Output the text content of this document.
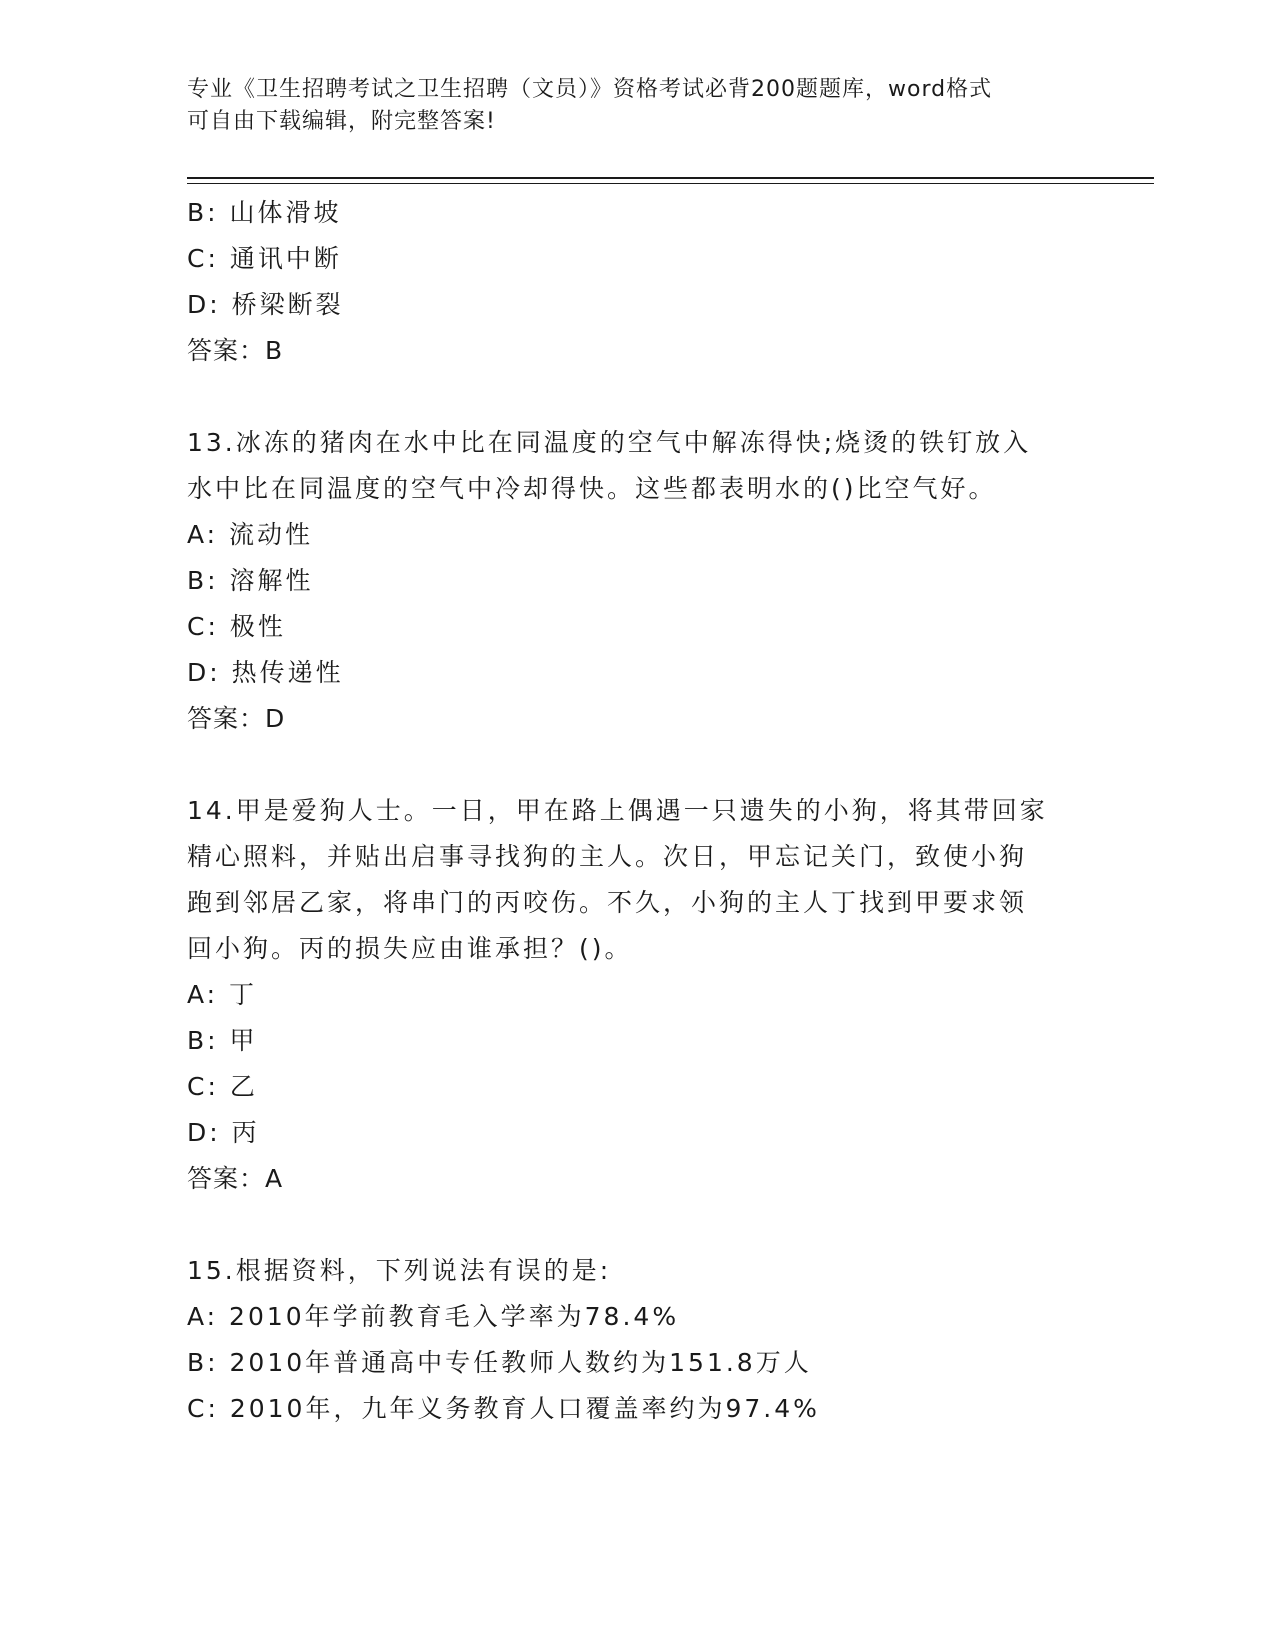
专业《卫生招聘考试之卫生招聘（文员）》资格考试必背200题题库，word格式
可自由下载编辑，附完整答案!
B: 山体滑坡
C: 通讯中断
D: 桥梁断裂
答案：B
13.冰冻的猪肉在水中比在同温度的空气中解冻得快;烧烫的铁钉放入
水中比在同温度的空气中冷却得快。这些都表明水的()比空气好。
A: 流动性
B: 溶解性
C: 极性
D: 热传递性
答案：D
14.甲是爱狗人士。一日，甲在路上偶遇一只遗失的小狗，将其带回家
精心照料，并贴出启事寻找狗的主人。次日，甲忘记关门，致使小狗
跑到邻居乙家，将串门的丙咬伤。不久，小狗的主人丁找到甲要求领
回小狗。丙的损失应由谁承担？()。
A: 丁
B: 甲
C: 乙
D: 丙
答案：A
15.根据资料，下列说法有误的是:
A: 2010年学前教育毛入学率为78.4%
B: 2010年普通高中专任教师人数约为151.8万人
C: 2010年，九年义务教育人口覆盖率约为97.4%
